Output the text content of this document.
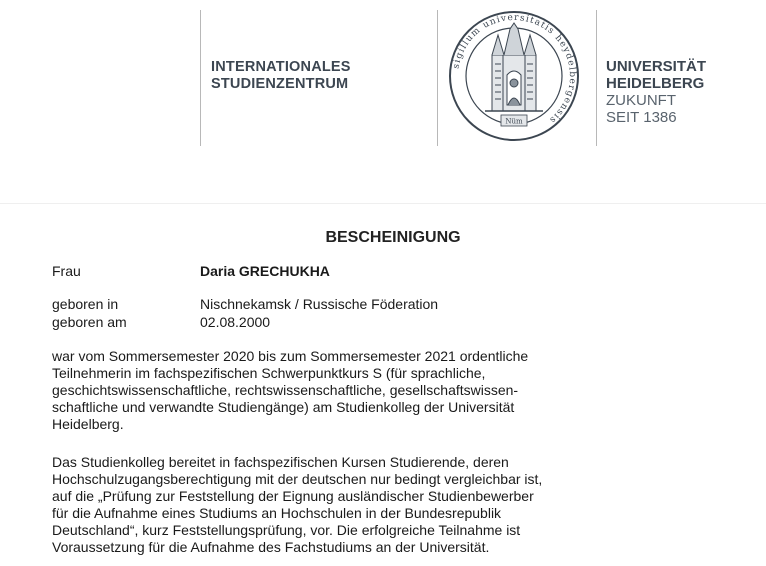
INTERNATIONALES
STUDIENZENTRUM
sigillum universitatis heydelbergensis
Nüm
UNIVERSITÄT
HEIDELBERG
ZUKUNFT
SEIT 1386
BESCHEINIGUNG
Frau	Daria GRECHUKHA
geboren in	Nischnekamsk / Russische Föderation
geboren am	02.08.2000
war vom Sommersemester 2020 bis zum Sommersemester 2021 ordentliche
Teilnehmerin im fachspezifischen Schwerpunktkurs S (für sprachliche,
geschichtswissenschaftliche, rechtswissenschaftliche, gesellschaftswissen-
schaftliche und verwandte Studiengänge) am Studienkolleg der Universität
Heidelberg.
Das Studienkolleg bereitet in fachspezifischen Kursen Studierende, deren
Hochschulzugangsberechtigung mit der deutschen nur bedingt vergleichbar ist,
auf die „Prüfung zur Feststellung der Eignung ausländischer Studienbewerber
für die Aufnahme eines Studiums an Hochschulen in der Bundesrepublik
Deutschland“, kurz Feststellungsprüfung, vor. Die erfolgreiche Teilnahme ist
Voraussetzung für die Aufnahme des Fachstudiums an der Universität.
